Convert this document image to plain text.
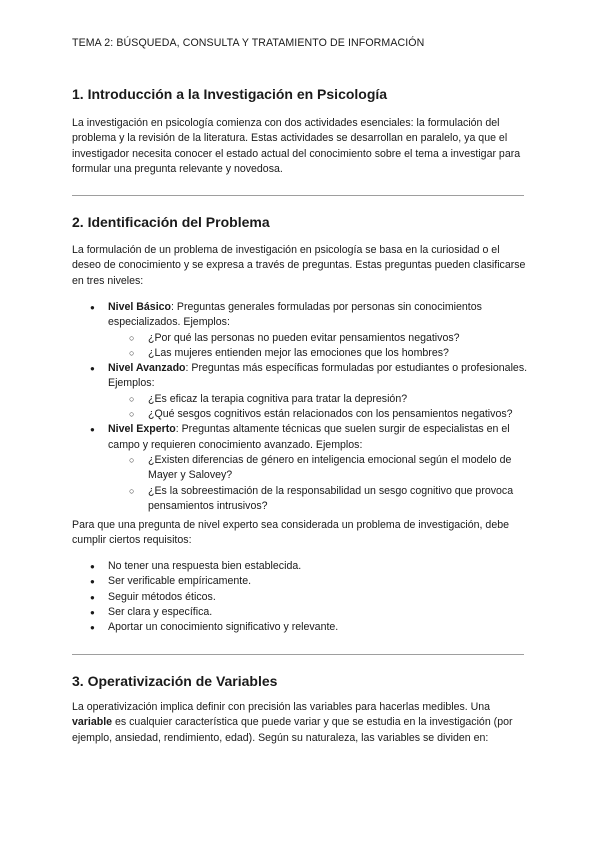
TEMA 2: BÚSQUEDA, CONSULTA Y TRATAMIENTO DE INFORMACIÓN
1. Introducción a la Investigación en Psicología

La investigación en psicología comienza con dos actividades esenciales: la formulación del problema y la revisión de la literatura. Estas actividades se desarrollan en paralelo, ya que el investigador necesita conocer el estado actual del conocimiento sobre el tema a investigar para formular una pregunta relevante y novedosa.

2. Identificación del Problema

La formulación de un problema de investigación en psicología se basa en la curiosidad o el deseo de conocimiento y se expresa a través de preguntas. Estas preguntas pueden clasificarse en tres niveles:

● Nivel Básico: Preguntas generales formuladas por personas sin conocimientos especializados. Ejemplos:
○ ¿Por qué las personas no pueden evitar pensamientos negativos?
○ ¿Las mujeres entienden mejor las emociones que los hombres?
● Nivel Avanzado: Preguntas más específicas formuladas por estudiantes o profesionales. Ejemplos:
○ ¿Es eficaz la terapia cognitiva para tratar la depresión?
○ ¿Qué sesgos cognitivos están relacionados con los pensamientos negativos?
● Nivel Experto: Preguntas altamente técnicas que suelen surgir de especialistas en el campo y requieren conocimiento avanzado. Ejemplos:
○ ¿Existen diferencias de género en inteligencia emocional según el modelo de Mayer y Salovey?
○ ¿Es la sobreestimación de la responsabilidad un sesgo cognitivo que provoca pensamientos intrusivos?

Para que una pregunta de nivel experto sea considerada un problema de investigación, debe cumplir ciertos requisitos:

● No tener una respuesta bien establecida.
● Ser verificable empíricamente.
● Seguir métodos éticos.
● Ser clara y específica.
● Aportar un conocimiento significativo y relevante.
3. Operativización de Variables

La operativización implica definir con precisión las variables para hacerlas medibles. Una variable es cualquier característica que puede variar y que se estudia en la investigación (por ejemplo, ansiedad, rendimiento, edad). Según su naturaleza, las variables se dividen en:
